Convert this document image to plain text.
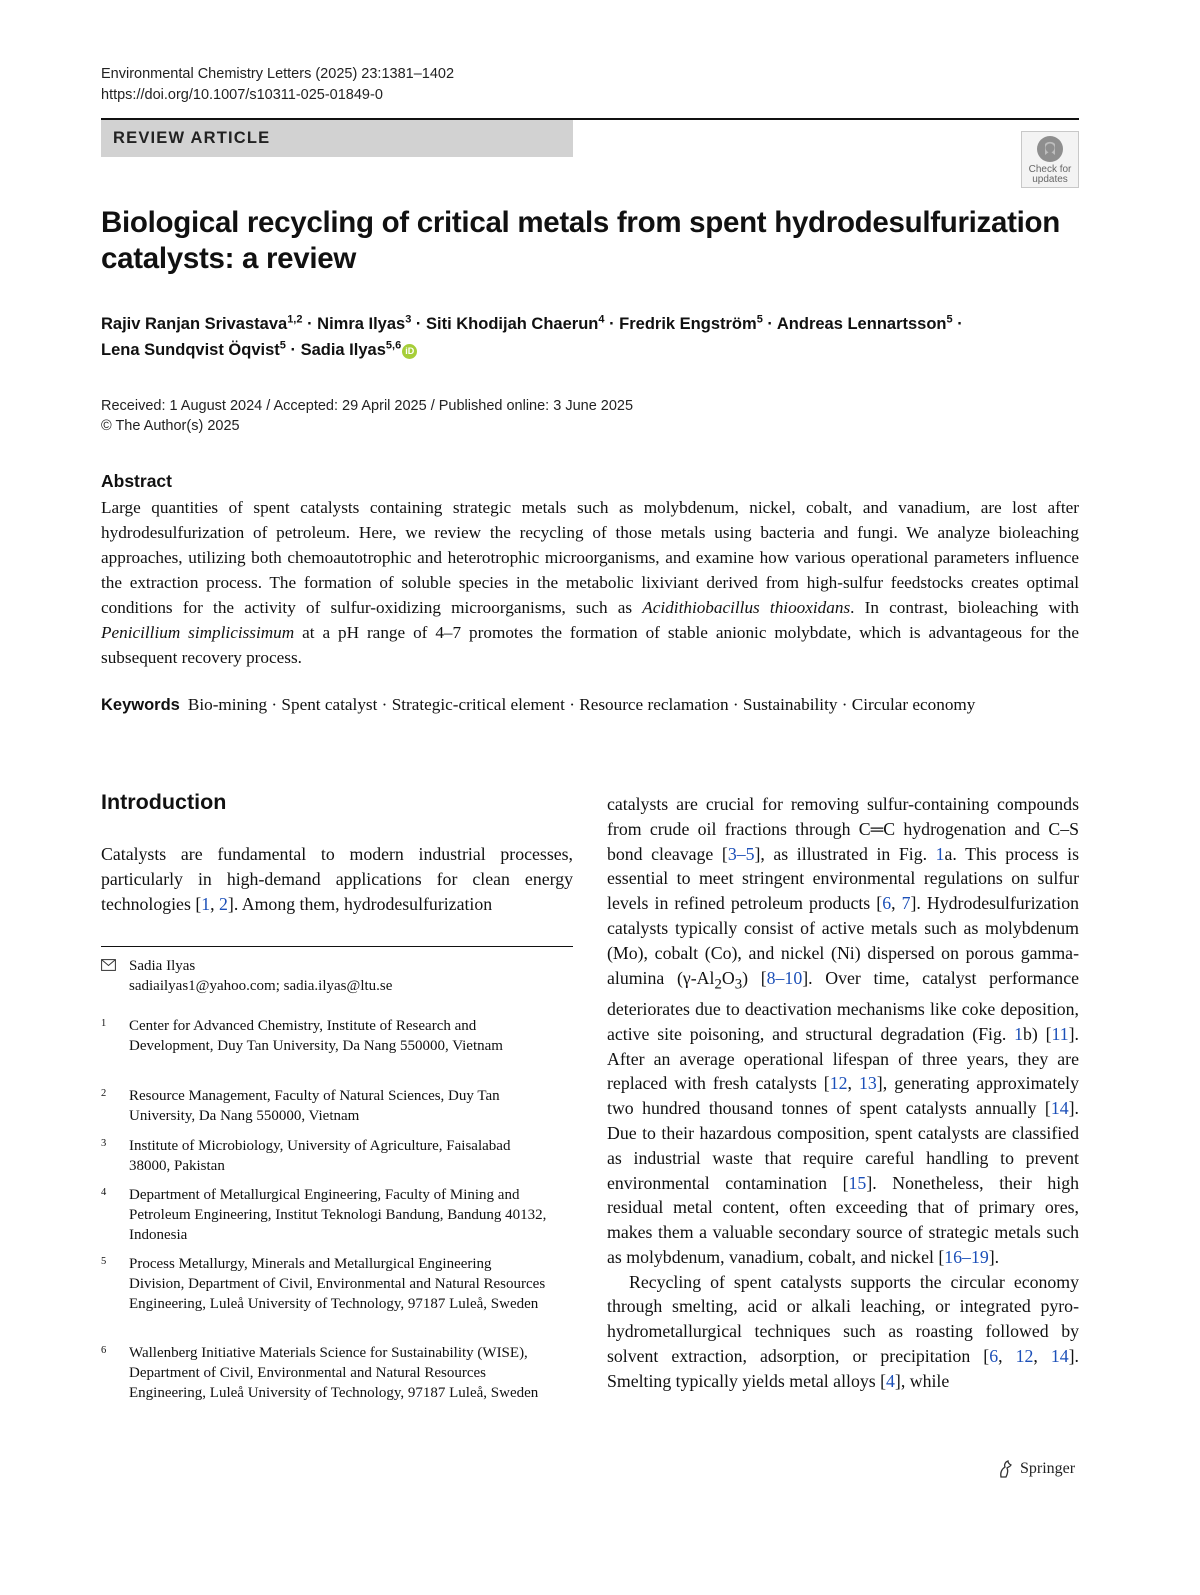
Environmental Chemistry Letters (2025) 23:1381–1402
https://doi.org/10.1007/s10311-025-01849-0
REVIEW ARTICLE
Check for
updates
Biological recycling of critical metals from spent hydrodesulfurization catalysts: a review
Rajiv Ranjan Srivastava$^{1,2}$ · Nimra Ilyas$^3$ · Siti Khodijah Chaerun$^4$ · Fredrik Engström$^5$ · Andreas Lennartsson$^5$ ·
Lena Sundqvist Öqvist$^5$ · Sadia Ilyas$^{5,6}$ iD
Received: 1 August 2024 / Accepted: 29 April 2025 / Published online: 3 June 2025
© The Author(s) 2025
Abstract

Large quantities of spent catalysts containing strategic metals such as molybdenum, nickel, cobalt, and vanadium, are lost after hydrodesulfurization of petroleum. Here, we review the recycling of those metals using bacteria and fungi. We analyze bioleaching approaches, utilizing both chemoautotrophic and heterotrophic microorganisms, and examine how various operational parameters influence the extraction process. The formation of soluble species in the metabolic lixiviant derived from high-sulfur feedstocks creates optimal conditions for the activity of sulfur-oxidizing microorganisms, such as Acidithiobacillus thiooxidans. In contrast, bioleaching with Penicillium simplicissimum at a pH range of 4–7 promotes the formation of stable anionic molybdate, which is advantageous for the subsequent recovery process.

Keywords Bio-mining · Spent catalyst · Strategic-critical element · Resource reclamation · Sustainability · Circular economy

Introduction

Catalysts are fundamental to modern industrial processes, particularly in high-demand applications for clean energy technologies [1, 2]. Among them, hydrodesulfurization

Sadia Ilyas
sadiailyas1@yahoo.com; sadia.ilyas@ltu.se
1 Center for Advanced Chemistry, Institute of Research and Development, Duy Tan University, Da Nang 550000, Vietnam
2 Resource Management, Faculty of Natural Sciences, Duy Tan University, Da Nang 550000, Vietnam
3 Institute of Microbiology, University of Agriculture, Faisalabad 38000, Pakistan
4 Department of Metallurgical Engineering, Faculty of Mining and Petroleum Engineering, Institut Teknologi Bandung, Bandung 40132, Indonesia
5 Process Metallurgy, Minerals and Metallurgical Engineering Division, Department of Civil, Environmental and Natural Resources Engineering, Luleå University of Technology, 97187 Luleå, Sweden
6 Wallenberg Initiative Materials Science for Sustainability (WISE), Department of Civil, Environmental and Natural Resources Engineering, Luleå University of Technology, 97187 Luleå, Sweden

catalysts are crucial for removing sulfur-containing compounds from crude oil fractions through C═C hydrogenation and C–S bond cleavage [3–5], as illustrated in Fig. 1a. This process is essential to meet stringent environmental regulations on sulfur levels in refined petroleum products [6, 7]. Hydrodesulfurization catalysts typically consist of active metals such as molybdenum (Mo), cobalt (Co), and nickel (Ni) dispersed on porous gamma-alumina $(\gamma-Al_2O_3)$ [8–10]. Over time, catalyst performance deteriorates due to deactivation mechanisms like coke deposition, active site poisoning, and structural degradation (Fig. 1b) [11]. After an average operational lifespan of three years, they are replaced with fresh catalysts [12, 13], generating approximately two hundred thousand tonnes of spent catalysts annually [14]. Due to their hazardous composition, spent catalysts are classified as industrial waste that require careful handling to prevent environmental contamination [15]. Nonetheless, their high residual metal content, often exceeding that of primary ores, makes them a valuable secondary source of strategic metals such as molybdenum, vanadium, cobalt, and nickel [16–19].

Recycling of spent catalysts supports the circular economy through smelting, acid or alkali leaching, or integrated pyro-hydrometallurgical techniques such as roasting followed by solvent extraction, adsorption, or precipitation [6, 12, 14]. Smelting typically yields metal alloys [4], while

Springer
